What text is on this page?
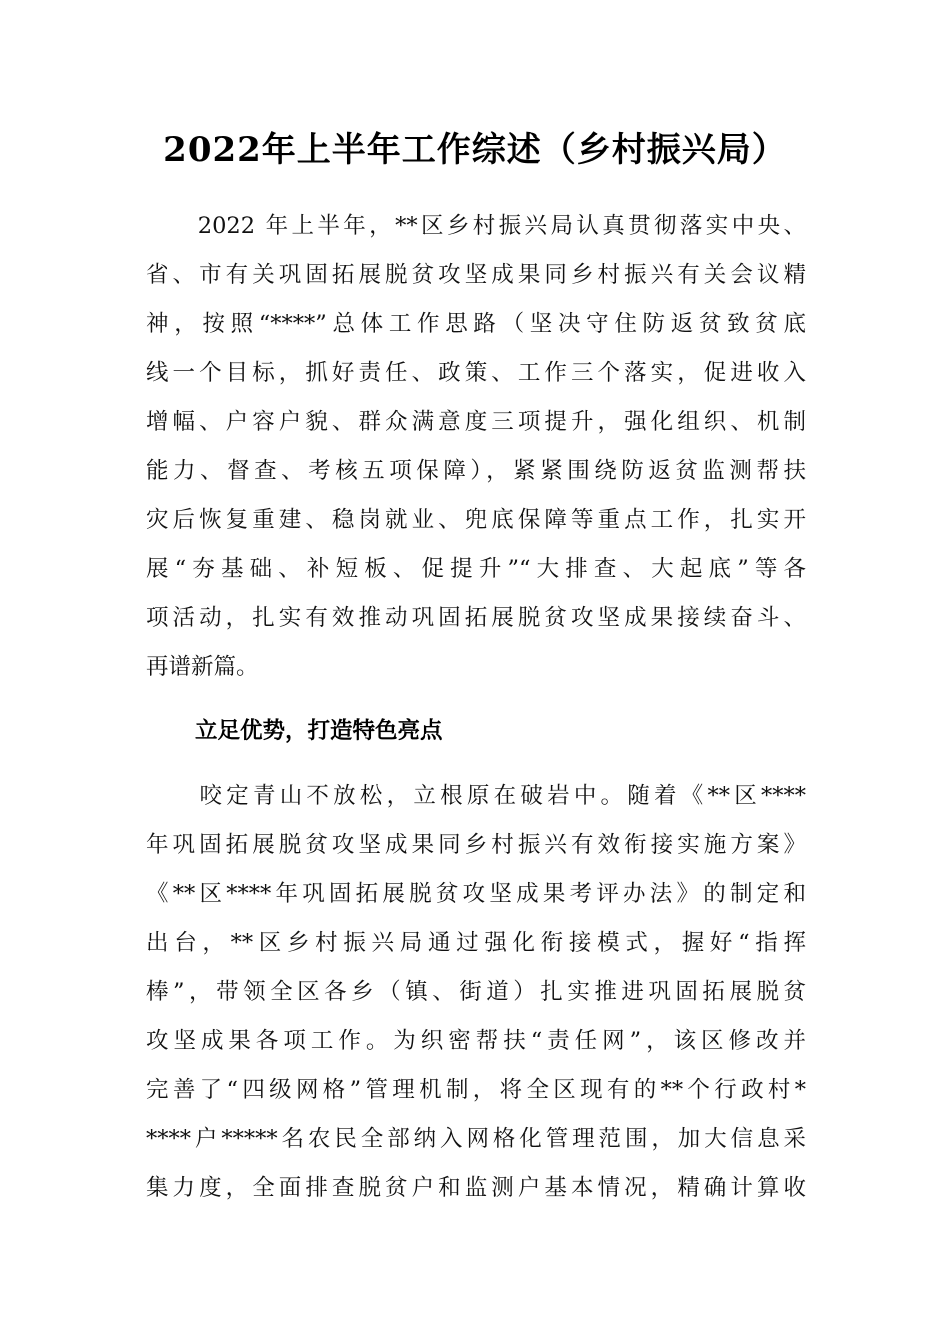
2022年上半年工作综述（乡村振兴局）
　　2022 年上半年，**区乡村振兴局认真贯彻落实中央、
省、市有关巩固拓展脱贫攻坚成果同乡村振兴有关会议精
神，按照“****”总体工作思路（坚决守住防返贫致贫底
线一个目标，抓好责任、政策、工作三个落实，促进收入
增幅、户容户貌、群众满意度三项提升，强化组织、机制
能力、督查、考核五项保障），紧紧围绕防返贫监测帮扶
灾后恢复重建、稳岗就业、兜底保障等重点工作，扎实开
展“夯基础、补短板、促提升”“大排查、大起底”等各
项活动，扎实有效推动巩固拓展脱贫攻坚成果接续奋斗、
再谱新篇。
立足优势，打造特色亮点
　　咬定青山不放松，立根原在破岩中。随着《**区****
年巩固拓展脱贫攻坚成果同乡村振兴有效衔接实施方案》
《**区****年巩固拓展脱贫攻坚成果考评办法》的制定和
出台，**区乡村振兴局通过强化衔接模式，握好“指挥
棒”，带领全区各乡（镇、街道）扎实推进巩固拓展脱贫
攻坚成果各项工作。为织密帮扶“责任网”，该区修改并
完善了“四级网格”管理机制，将全区现有的**个行政村*
****户*****名农民全部纳入网格化管理范围，加大信息采
集力度，全面排查脱贫户和监测户基本情况，精确计算收
